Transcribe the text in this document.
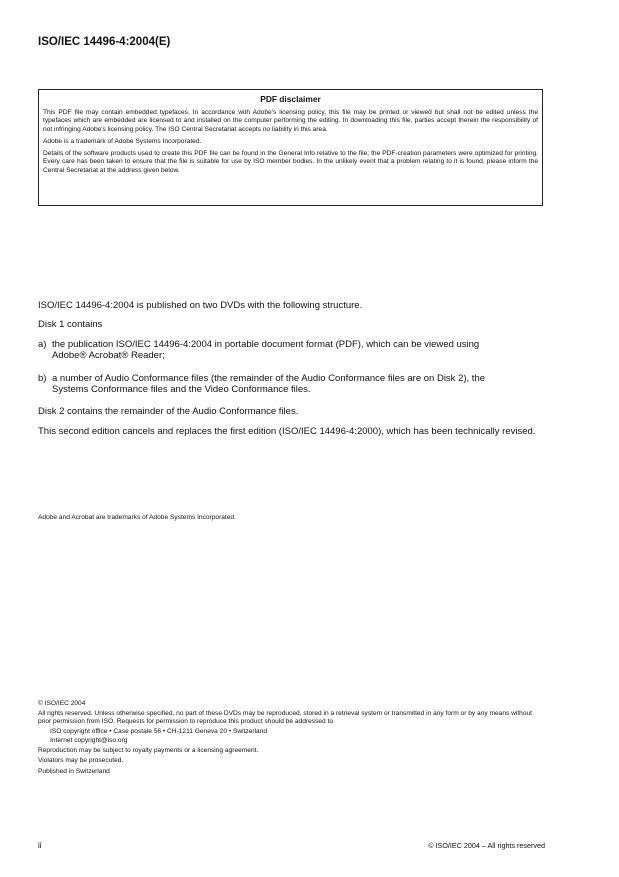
ISO/IEC 14496-4:2004(E)
PDF disclaimer

This PDF file may contain embedded typefaces. In accordance with Adobe's licensing policy, this file may be printed or viewed but shall not be edited unless the typefaces which are embedded are licensed to and installed on the computer performing the editing. In downloading this file, parties accept therein the responsibility of not infringing Adobe's licensing policy. The ISO Central Secretariat accepts no liability in this area.

Adobe is a trademark of Adobe Systems Incorporated.

Details of the software products used to create this PDF file can be found in the General Info relative to the file; the PDF-creation parameters were optimized for printing. Every care has been taken to ensure that the file is suitable for use by ISO member bodies. In the unlikely event that a problem relating to it is found, please inform the Central Secretariat at the address given below.

ISO/IEC 14496-4:2004 is published on two DVDs with the following structure.

Disk 1 contains

a) the publication ISO/IEC 14496-4:2004 in portable document format (PDF), which can be viewed using
Adobe® Acrobat® Reader;
b) a number of Audio Conformance files (the remainder of the Audio Conformance files are on Disk 2), the
Systems Conformance files and the Video Conformance files.

Disk 2 contains the remainder of the Audio Conformance files.

This second edition cancels and replaces the first edition (ISO/IEC 14496-4:2000), which has been technically revised.

Adobe and Acrobat are trademarks of Adobe Systems Incorporated.

© ISO/IEC 2004

All rights reserved. Unless otherwise specified, no part of these DVDs may be reproduced, stored in a retrieval system or transmitted in any form or by any means without prior permission from ISO. Requests for permission to reproduce this product should be addressed to

ISO copyright office • Case postale 56 • CH-1211 Geneva 20 • Switzerland

Internet copyright@iso.org

Reproduction may be subject to royalty payments or a licensing agreement.

Violators may be prosecuted.

Published in Switzerland

ii	© ISO/IEC 2004 – All rights reserved
